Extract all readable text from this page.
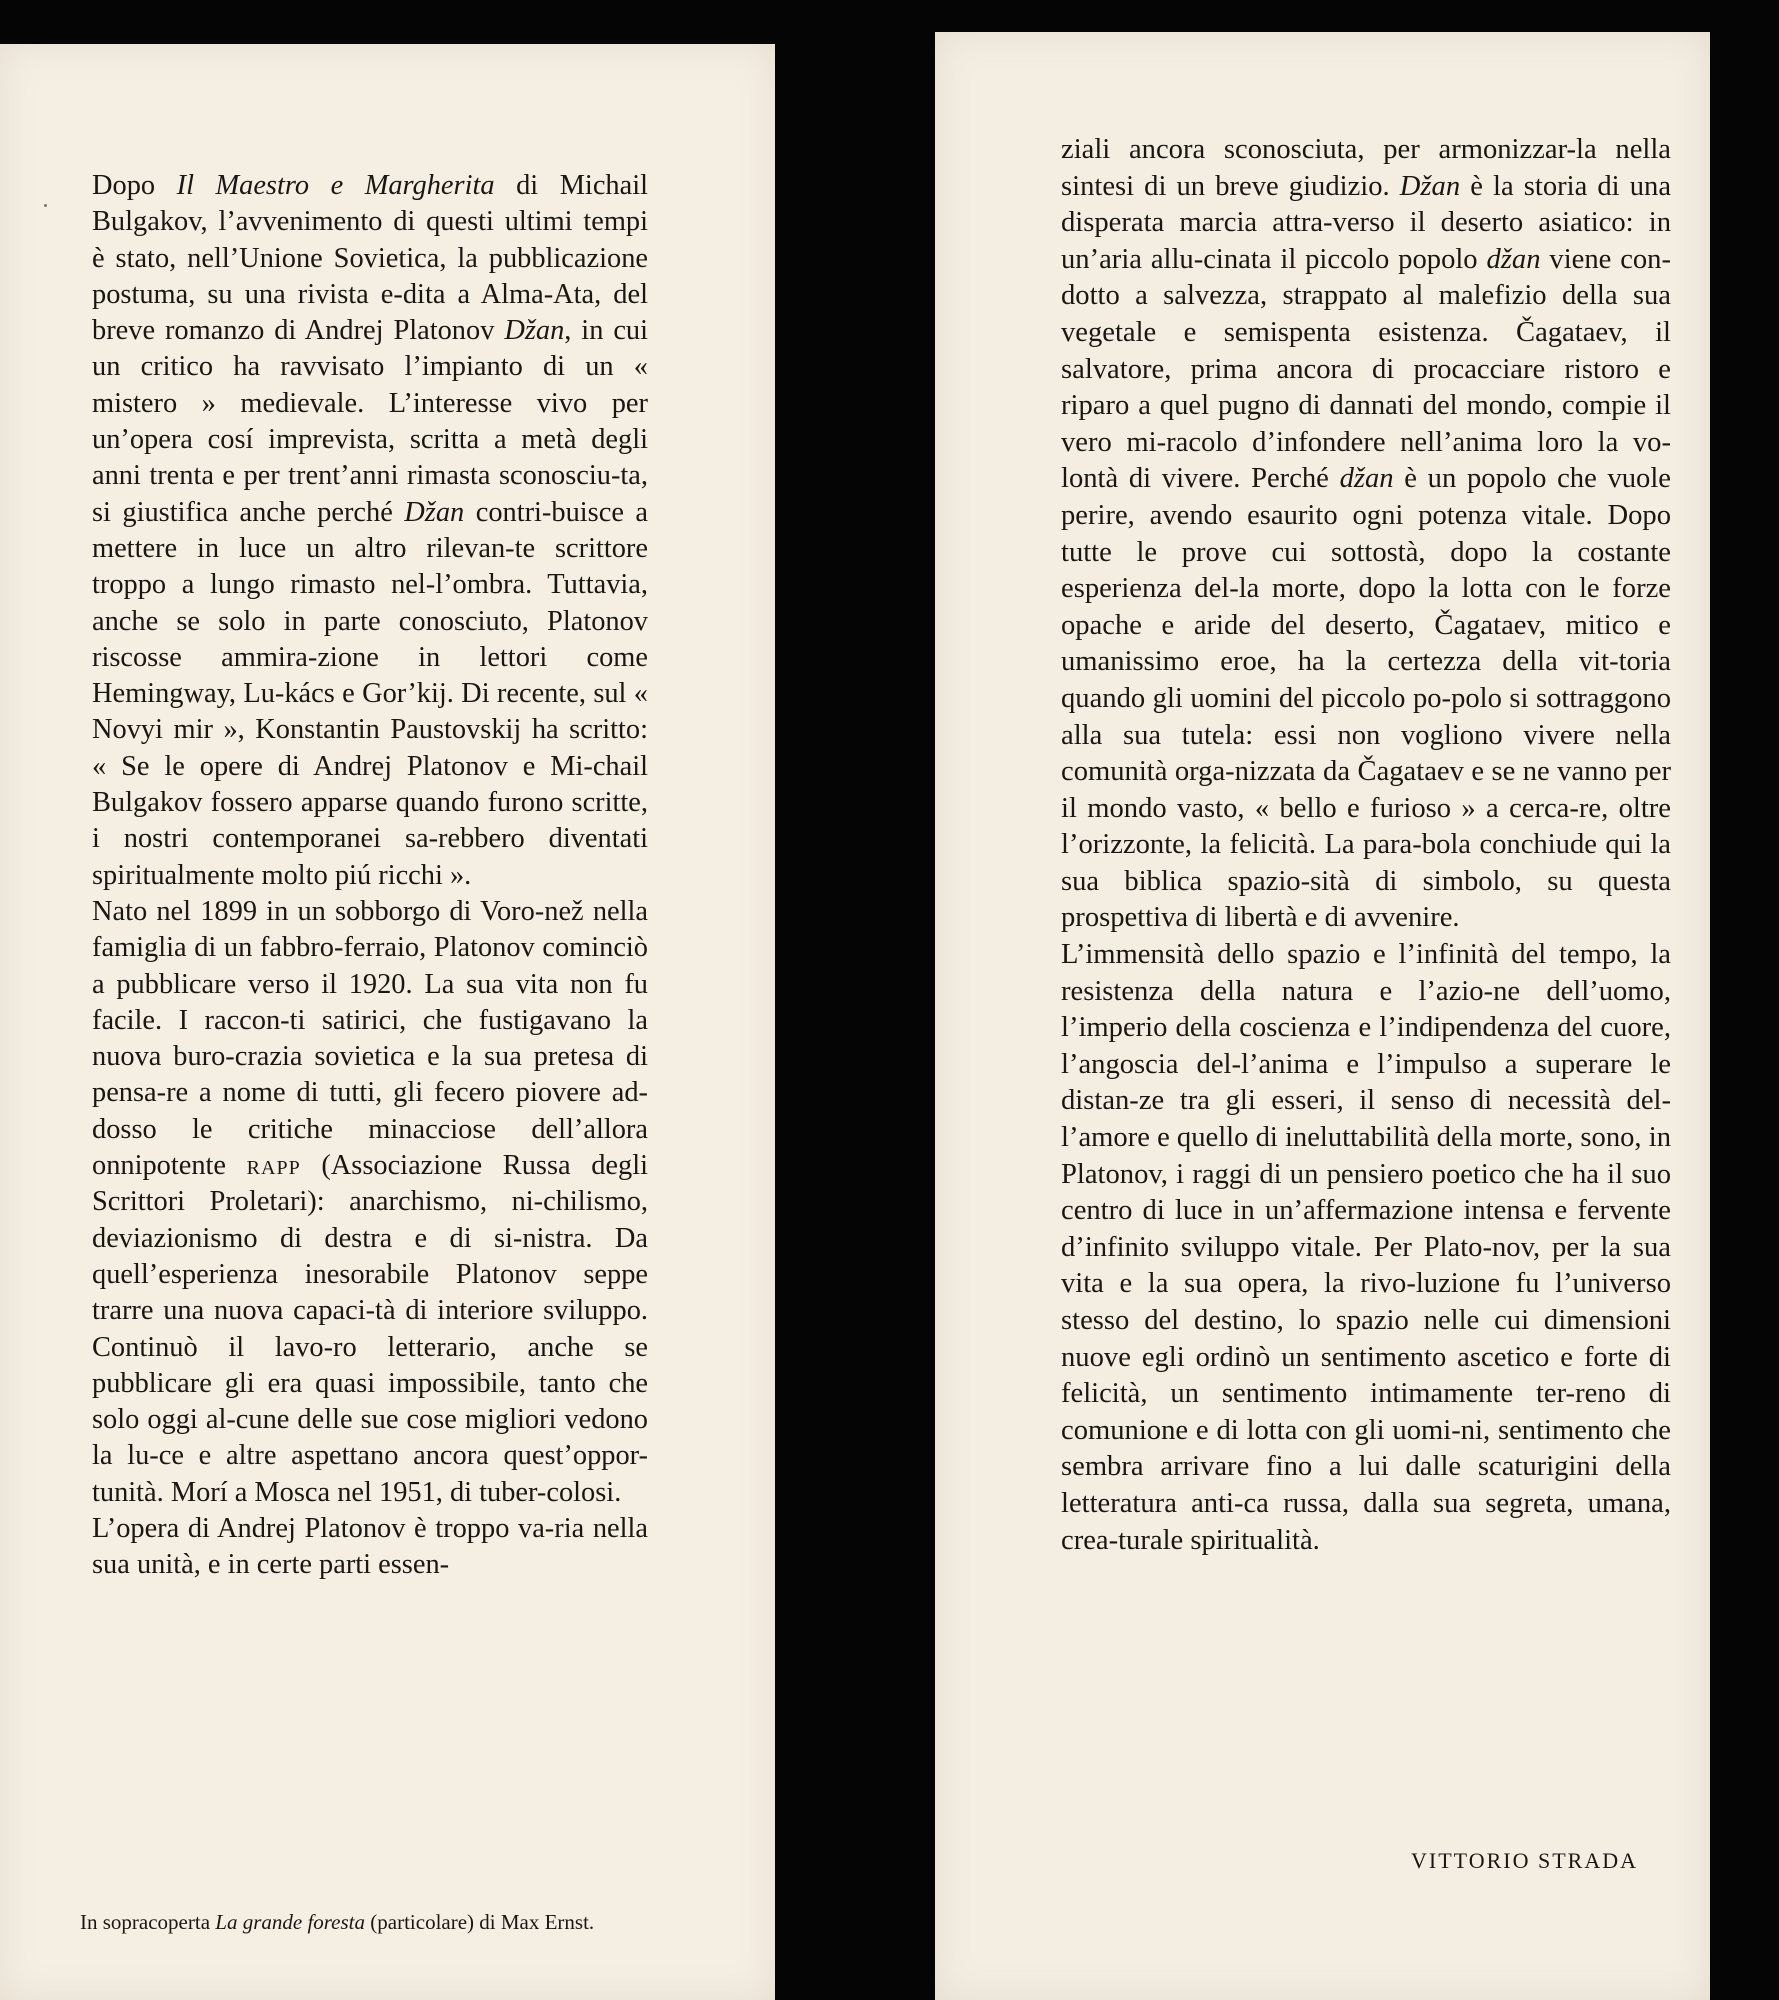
Dopo Il Maestro e Margherita di Michail Bulgakov, l’avvenimento di questi ultimi tempi è stato, nell’Unione Sovietica, la pubblicazione postuma, su una rivista e-dita a Alma-Ata, del breve romanzo di Andrej Platonov Džan, in cui un critico ha ravvisato l’impianto di un « mistero » medievale. L’interesse vivo per un’opera cosí imprevista, scritta a metà degli anni trenta e per trent’anni rimasta sconosciu-ta, si giustifica anche perché Džan contri-buisce a mettere in luce un altro rilevan-te scrittore troppo a lungo rimasto nel-l’ombra. Tuttavia, anche se solo in parte conosciuto, Platonov riscosse ammira-zione in lettori come Hemingway, Lu-kács e Gor’kij. Di recente, sul « Novyi mir », Konstantin Paustovskij ha scritto: « Se le opere di Andrej Platonov e Mi-chail Bulgakov fossero apparse quando furono scritte, i nostri contemporanei sa-rebbero diventati spiritualmente molto piú ricchi ».

Nato nel 1899 in un sobborgo di Voro-než nella famiglia di un fabbro-ferraio, Platonov cominciò a pubblicare verso il 1920. La sua vita non fu facile. I raccon-ti satirici, che fustigavano la nuova buro-crazia sovietica e la sua pretesa di pensa-re a nome di tutti, gli fecero piovere ad-dosso le critiche minacciose dell’allora onnipotente rapp (Associazione Russa degli Scrittori Proletari): anarchismo, ni-chilismo, deviazionismo di destra e di si-nistra. Da quell’esperienza inesorabile Platonov seppe trarre una nuova capaci-tà di interiore sviluppo. Continuò il lavo-ro letterario, anche se pubblicare gli era quasi impossibile, tanto che solo oggi al-cune delle sue cose migliori vedono la lu-ce e altre aspettano ancora quest’oppor-tunità. Morí a Mosca nel 1951, di tuber-colosi.

L’opera di Andrej Platonov è troppo va-ria nella sua unità, e in certe parti essen-

In sopracoperta La grande foresta (particolare) di Max Ernst.

ziali ancora sconosciuta, per armonizzar-la nella sintesi di un breve giudizio. Džan è la storia di una disperata marcia attra-verso il deserto asiatico: in un’aria allu-cinata il piccolo popolo džan viene con-dotto a salvezza, strappato al malefizio della sua vegetale e semispenta esistenza. Čagataev, il salvatore, prima ancora di procacciare ristoro e riparo a quel pugno di dannati del mondo, compie il vero mi-racolo d’infondere nell’anima loro la vo-lontà di vivere. Perché džan è un popolo che vuole perire, avendo esaurito ogni potenza vitale. Dopo tutte le prove cui sottostà, dopo la costante esperienza del-la morte, dopo la lotta con le forze opache e aride del deserto, Čagataev, mitico e umanissimo eroe, ha la certezza della vit-toria quando gli uomini del piccolo po-polo si sottraggono alla sua tutela: essi non vogliono vivere nella comunità orga-nizzata da Čagataev e se ne vanno per il mondo vasto, « bello e furioso » a cerca-re, oltre l’orizzonte, la felicità. La para-bola conchiude qui la sua biblica spazio-sità di simbolo, su questa prospettiva di libertà e di avvenire.

L’immensità dello spazio e l’infinità del tempo, la resistenza della natura e l’azio-ne dell’uomo, l’imperio della coscienza e l’indipendenza del cuore, l’angoscia del-l’anima e l’impulso a superare le distan-ze tra gli esseri, il senso di necessità del-l’amore e quello di ineluttabilità della morte, sono, in Platonov, i raggi di un pensiero poetico che ha il suo centro di luce in un’affermazione intensa e fervente d’infinito sviluppo vitale. Per Plato-nov, per la sua vita e la sua opera, la rivo-luzione fu l’universo stesso del destino, lo spazio nelle cui dimensioni nuove egli ordinò un sentimento ascetico e forte di felicità, un sentimento intimamente ter-reno di comunione e di lotta con gli uomi-ni, sentimento che sembra arrivare fino a lui dalle scaturigini della letteratura anti-ca russa, dalla sua segreta, umana, crea-turale spiritualità.

VITTORIO STRADA
